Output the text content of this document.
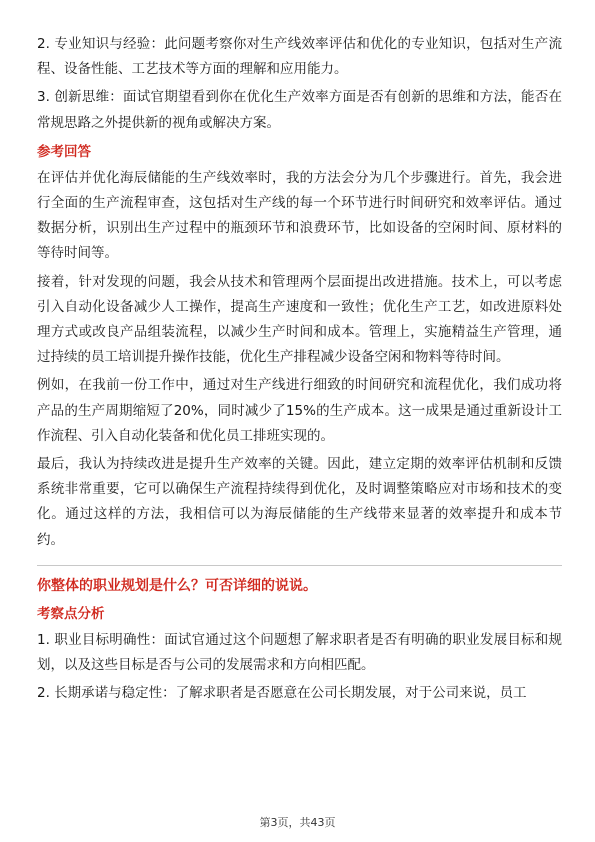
2. 专业知识与经验：此问题考察你对生产线效率评估和优化的专业知识，包括对生产流程、设备性能、工艺技术等方面的理解和应用能力。

3. 创新思维：面试官期望看到你在优化生产效率方面是否有创新的思维和方法，能否在常规思路之外提供新的视角或解决方案。

参考回答

在评估并优化海辰储能的生产线效率时，我的方法会分为几个步骤进行。首先，我会进行全面的生产流程审查，这包括对生产线的每一个环节进行时间研究和效率评估。通过数据分析，识别出生产过程中的瓶颈环节和浪费环节，比如设备的空闲时间、原材料的等待时间等。

接着，针对发现的问题，我会从技术和管理两个层面提出改进措施。技术上，可以考虑引入自动化设备减少人工操作，提高生产速度和一致性；优化生产工艺，如改进原料处理方式或改良产品组装流程，以减少生产时间和成本。管理上，实施精益生产管理，通过持续的员工培训提升操作技能，优化生产排程减少设备空闲和物料等待时间。

例如，在我前一份工作中，通过对生产线进行细致的时间研究和流程优化，我们成功将产品的生产周期缩短了20%，同时减少了15%的生产成本。这一成果是通过重新设计工作流程、引入自动化装备和优化员工排班实现的。

最后，我认为持续改进是提升生产效率的关键。因此，建立定期的效率评估机制和反馈系统非常重要，它可以确保生产流程持续得到优化，及时调整策略应对市场和技术的变化。通过这样的方法，我相信可以为海辰储能的生产线带来显著的效率提升和成本节约。

你整体的职业规划是什么？可否详细的说说。
考察点分析

1. 职业目标明确性：面试官通过这个问题想了解求职者是否有明确的职业发展目标和规划，以及这些目标是否与公司的发展需求和方向相匹配。

2. 长期承诺与稳定性：了解求职者是否愿意在公司长期发展，对于公司来说，员工

第3页，共43页
